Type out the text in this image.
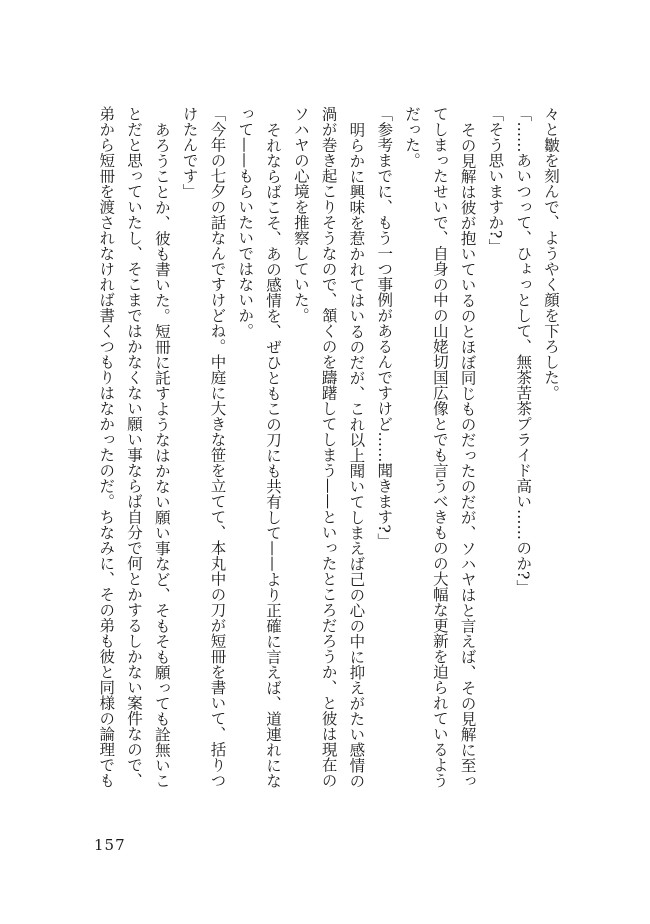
々と皺を刻んで、ようやく顔を下ろした。

「……あいつって、ひょっとして、無茶苦茶プライド高い……のか?」

「そう思いますか?」

その見解は彼が抱いているのとほぼ同じものだったのだが、ソハヤはと言えば、その見解に至ってしまったせいで、自身の中の山姥切国広像とでも言うべきものの大幅な更新を迫られているようだった。

「参考までに、もう一つ事例があるんですけど……聞きます?」

明らかに興味を惹かれてはいるのだが、これ以上聞いてしまえば己の心の中に抑えがたい感情の渦が巻き起こりそうなので、頷くのを躊躇してしまう——といったところだろうか、と彼は現在のソハヤの心境を推察していた。

それならばこそ、あの感情を、ぜひともこの刀にも共有して——より正確に言えば、道連れになって——もらいたいではないか。

「今年の七夕の話なんですけどね。中庭に大きな笹を立てて、本丸中の刀が短冊を書いて、括りつけたんです」

あろうことか、彼も書いた。短冊に託すようなはかない願い事など、そもそも願っても詮無いことだと思っていたし、そこまではかなくない願い事ならば自分で何とかするしかない案件なので、弟から短冊を渡されなければ書くつもりはなかったのだ。ちなみに、その弟も彼と同様の論理でも

157
